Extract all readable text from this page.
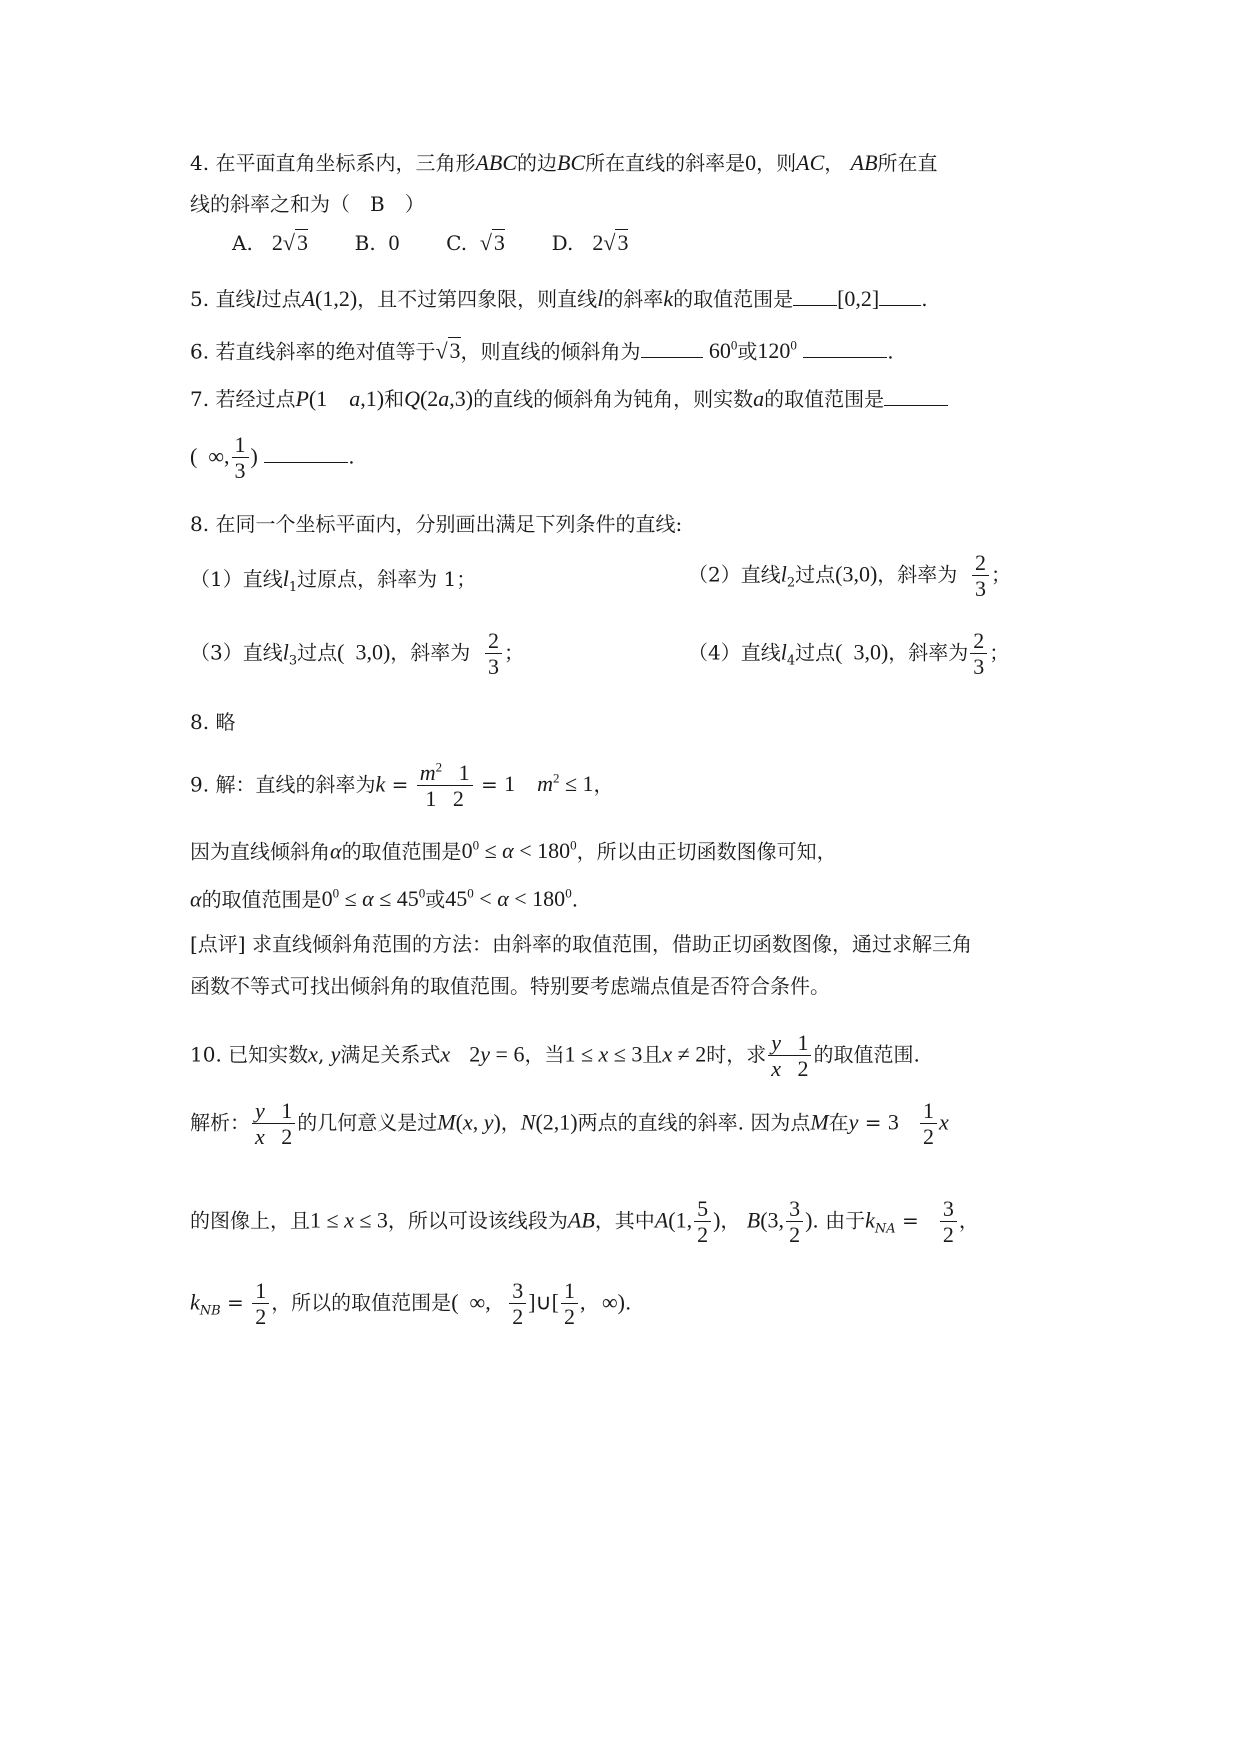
4. 在平面直角坐标系内，三角形ABC的边BC所在直线的斜率是0，则AC， AB所在直
线的斜率之和为（　B　）
A.   2√3 B.  0 C.  √3 D.   2√3
5. 直线l过点A(1,2)，且不过第四象限，则直线l的斜率k的取值范围是 [0,2] .
6. 若直线斜率的绝对值等于√3，则直线的倾斜角为	$60^0$或$120^0$	.
7. 若经过点P(1    a,1)和Q(2a,3)的直线的倾斜角为钝角，则实数a的取值范围是
(  ∞, $\frac{1}{3}$ )	.
8. 在同一个坐标平面内，分别画出满足下列条件的直线:
（1）直线$l_1$过原点，斜率为 1；	（2）直线$l_2$过点(3,0)，斜率为 $\frac{2}{3}$ ；
（3）直线$l_3$过点(  3,0)，斜率为 $\frac{2}{3}$ ；	（4）直线$l_4$过点(  3,0)，斜率为 $\frac{2}{3}$ ；
8. 略
9. 解：直线的斜率为$k = \frac{m^2 1}{1 2} = 1$    $m^2 \le 1$，
因为直线倾斜角α的取值范围是$0^0 \le \alpha < 180^0$，所以由正切函数图像可知，
α的取值范围是$0^0 \le \alpha \le 45^0$或$45^0 < \alpha < 180^0$.
[点评] 求直线倾斜角范围的方法：由斜率的取值范围，借助正切函数图像，通过求解三角
函数不等式可找出倾斜角的取值范围。特别要考虑端点值是否符合条件。
10. 已知实数x, y满足关系式x 2y = 6，当1 ≤ x ≤ 3且x ≠ 2时，求 $\frac{y 1}{x 2}$ 的取值范围.
解析： $\frac{y 1}{x 2}$ 的几何意义是过M(x, y)，N(2,1)两点的直线的斜率. 因为点M在$y = 3 \frac{1}{2}$ x
的图像上，且1 ≤ x ≤ 3，所以可设该线段为AB，其中A(1, $\frac{5}{2}$ )， B(3, $\frac{3}{2}$ ). 由于$k_{NA} = \frac{3}{2}$ ，
$k_{NB} = \frac{1}{2}$ ，所以的取值范围是(  ∞, $\frac{3}{2}$ ]∪[ $\frac{1}{2}$ ,   ∞).
